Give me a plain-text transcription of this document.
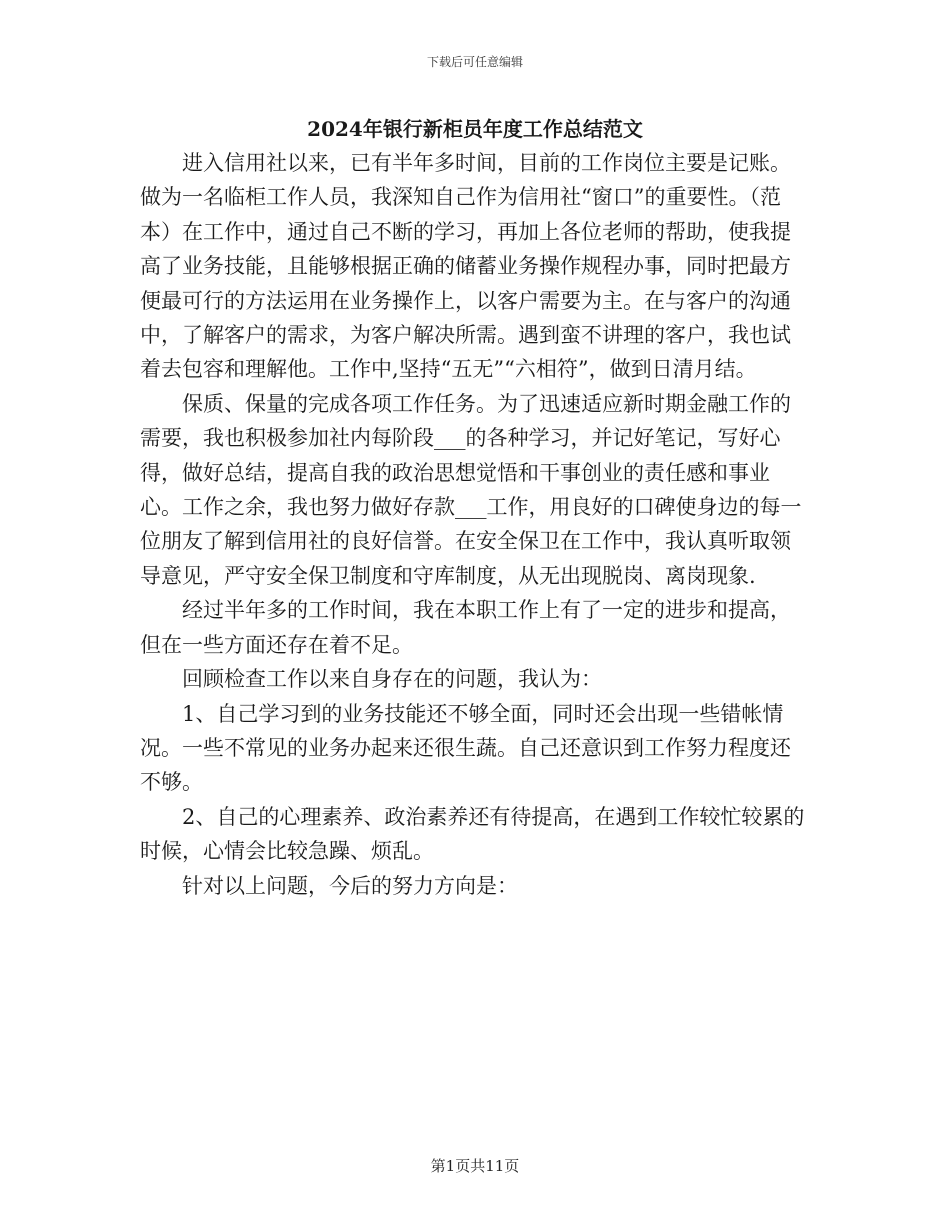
下载后可任意编辑
2024年银行新柜员年度工作总结范文

进入信用社以来，已有半年多时间，目前的工作岗位主要是记账。做为一名临柜工作人员，我深知自己作为信用社“窗口”的重要性。（范本）在工作中，通过自己不断的学习，再加上各位老师的帮助，使我提高了业务技能，且能够根据正确的储蓄业务操作规程办事，同时把最方便最可行的方法运用在业务操作上，以客户需要为主。在与客户的沟通中，了解客户的需求，为客户解决所需。遇到蛮不讲理的客户，我也试着去包容和理解他。工作中,坚持“五无”“六相符”，做到日清月结。

保质、保量的完成各项工作任务。为了迅速适应新时期金融工作的需要，我也积极参加社内每阶段___的各种学习，并记好笔记，写好心得，做好总结，提高自我的政治思想觉悟和干事创业的责任感和事业心。工作之余，我也努力做好存款___工作，用良好的口碑使身边的每一位朋友了解到信用社的良好信誉。在安全保卫在工作中，我认真听取领导意见，严守安全保卫制度和守库制度，从无出现脱岗、离岗现象.

经过半年多的工作时间，我在本职工作上有了一定的进步和提高，但在一些方面还存在着不足。

回顾检查工作以来自身存在的问题，我认为：

1、自己学习到的业务技能还不够全面，同时还会出现一些错帐情况。一些不常见的业务办起来还很生蔬。自己还意识到工作努力程度还不够。

2、自己的心理素养、政治素养还有待提高，在遇到工作较忙较累的时候，心情会比较急躁、烦乱。

针对以上问题，今后的努力方向是：

第1页共11页
